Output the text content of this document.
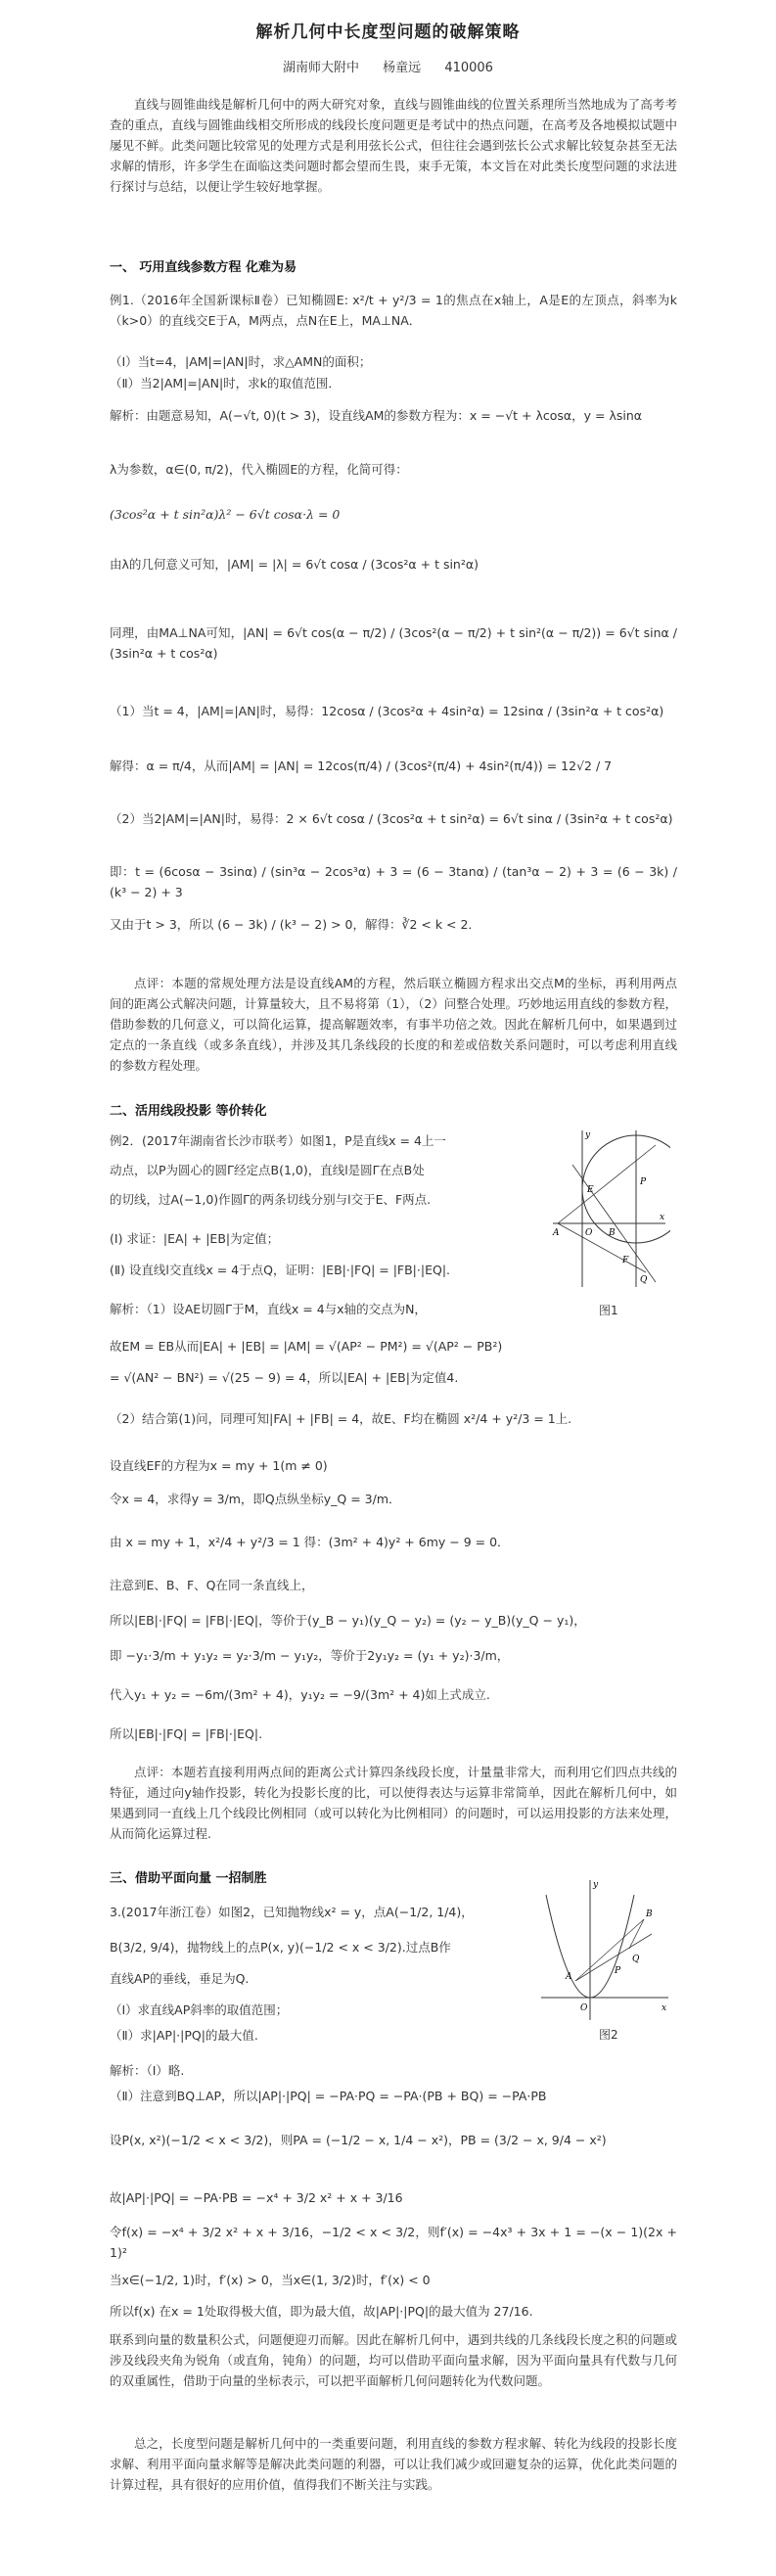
解析几何中长度型问题的破解策略
湖南师大附中 杨童远 410006
直线与圆锥曲线是解析几何中的两大研究对象，直线与圆锥曲线的位置关系理所当然地成为了高考考查的重点，直线与圆锥曲线相交所形成的线段长度问题更是考试中的热点问题，在高考及各地模拟试题中屡见不鲜。此类问题比较常见的处理方式是利用弦长公式，但往往会遇到弦长公式求解比较复杂甚至无法求解的情形，许多学生在面临这类问题时都会望而生畏，束手无策，本文旨在对此类长度型问题的求法进行探讨与总结，以便让学生较好地掌握。
一、 巧用直线参数方程 化难为易
例1.（2016年全国新课标Ⅱ卷）已知椭圆E: x²/t + y²/3 = 1的焦点在x轴上，A是E的左顶点，斜率为k（k>0）的直线交E于A，M两点，点N在E上，MA⊥NA．
（Ⅰ）当t=4，|AM|=|AN|时，求△AMN的面积；
（Ⅱ）当2|AM|=|AN|时，求k的取值范围．
解析：由题意易知，A(−√t, 0)(t > 3)，设直线AM的参数方程为：x = −√t + λcosα，y = λsinα
λ为参数，α∈(0, π/2)，代入椭圆E的方程，化简可得：
(3cos²α + t sin²α)λ² − 6√t cosα·λ = 0
由λ的几何意义可知，|AM| = |λ| = 6√t cosα / (3cos²α + t sin²α)
同理，由MA⊥NA可知，|AN| = 6√t cos(α − π/2) / (3cos²(α − π/2) + t sin²(α − π/2)) = 6√t sinα / (3sin²α + t cos²α)
（1）当t = 4，|AM|=|AN|时，易得：12cosα / (3cos²α + 4sin²α) = 12sinα / (3sin²α + t cos²α)
解得：α = π/4，从而|AM| = |AN| = 12cos(π/4) / (3cos²(π/4) + 4sin²(π/4)) = 12√2 / 7
（2）当2|AM|=|AN|时，易得：2 × 6√t cosα / (3cos²α + t sin²α) = 6√t sinα / (3sin²α + t cos²α)
即：t = (6cosα − 3sinα) / (sin³α − 2cos³α) + 3 = (6 − 3tanα) / (tan³α − 2) + 3 = (6 − 3k) / (k³ − 2) + 3
又由于t > 3，所以 (6 − 3k) / (k³ − 2) > 0，解得：∛2 < k < 2．
点评：本题的常规处理方法是设直线AM的方程，然后联立椭圆方程求出交点M的坐标，再利用两点间的距离公式解决问题，计算量较大，且不易将第（1），（2）问整合处理。巧妙地运用直线的参数方程，借助参数的几何意义，可以简化运算，提高解题效率，有事半功倍之效。因此在解析几何中，如果遇到过定点的一条直线（或多条直线），并涉及其几条线段的长度的和差或倍数关系问题时，可以考虑利用直线的参数方程处理。
二、活用线段投影 等价转化
例2．(2017年湖南省长沙市联考）如图1，P是直线x = 4上一
动点，以P为圆心的圆Γ经定点B(1,0)，直线l是圆Γ在点B处
的切线，过A(−1,0)作圆Γ的两条切线分别与l交于E、F两点.
(Ⅰ) 求证：|EA| + |EB|为定值；
(Ⅱ) 设直线l交直线x = 4于点Q，证明：|EB|·|FQ| = |FB|·|EQ|.
解析：（1）设AE切圆Γ于M，直线x = 4与x轴的交点为N，
P
E
B
O
A
F
Q
y
x
图1
故EM = EB从而|EA| + |EB| = |AM| = √(AP² − PM²) = √(AP² − PB²)
= √(AN² − BN²) = √(25 − 9) = 4，所以|EA| + |EB|为定值4.
（2）结合第(1)问，同理可知|FA| + |FB| = 4，故E、F均在椭圆 x²/4 + y²/3 = 1上.
设直线EF的方程为x = my + 1(m ≠ 0)
令x = 4，求得y = 3/m，即Q点纵坐标y_Q = 3/m．
由 x = my + 1，x²/4 + y²/3 = 1 得：(3m² + 4)y² + 6my − 9 = 0．
注意到E、B、F、Q在同一条直线上，
所以|EB|·|FQ| = |FB|·|EQ|，等价于(y_B − y₁)(y_Q − y₂) = (y₂ − y_B)(y_Q − y₁)，
即 −y₁·3/m + y₁y₂ = y₂·3/m − y₁y₂，等价于2y₁y₂ = (y₁ + y₂)·3/m，
代入y₁ + y₂ = −6m/(3m² + 4)，y₁y₂ = −9/(3m² + 4)如上式成立.
所以|EB|·|FQ| = |FB|·|EQ|.
点评：本题若直接利用两点间的距离公式计算四条线段长度，计量量非常大，而利用它们四点共线的特征，通过向y轴作投影，转化为投影长度的比，可以使得表达与运算非常简单，因此在解析几何中，如果遇到同一直线上几个线段比例相同（或可以转化为比例相同）的问题时，可以运用投影的方法来处理，从而简化运算过程.
三、借助平面向量 一招制胜
3.(2017年浙江卷）如图2，已知抛物线x² = y，点A(−1/2, 1/4)，
B(3/2, 9/4)，抛物线上的点P(x, y)(−1/2 < x < 3/2).过点B作
直线AP的垂线，垂足为Q.
（Ⅰ）求直线AP斜率的取值范围；
（Ⅱ）求|AP|·|PQ|的最大值.
y
B
Q
A
P
O	x
图2
解析：（Ⅰ）略.
（Ⅱ）注意到BQ⊥AP，所以|AP|·|PQ| = −PA·PQ = −PA·(PB + BQ) = −PA·PB
设P(x, x²)(−1/2 < x < 3/2)，则PA = (−1/2 − x, 1/4 − x²)，PB = (3/2 − x, 9/4 − x²)
故|AP|·|PQ| = −PA·PB = −x⁴ + 3/2 x² + x + 3/16
令f(x) = −x⁴ + 3/2 x² + x + 3/16，−1/2 < x < 3/2，则f′(x) = −4x³ + 3x + 1 = −(x − 1)(2x + 1)²
当x∈(−1/2, 1)时，f′(x) > 0，当x∈(1, 3/2)时，f′(x) < 0
所以f(x) 在x = 1处取得极大值，即为最大值，故|AP|·|PQ|的最大值为 27/16.
联系到向量的数量积公式，问题便迎刃而解。因此在解析几何中，遇到共线的几条线段长度之积的问题或涉及线段夹角为锐角（或直角，钝角）的问题，均可以借助平面向量求解，因为平面向量具有代数与几何的双重属性，借助于向量的坐标表示，可以把平面解析几何问题转化为代数问题。
总之，长度型问题是解析几何中的一类重要问题，利用直线的参数方程求解、转化为线段的投影长度求解、利用平面向量求解等是解决此类问题的利器，可以让我们减少或回避复杂的运算，优化此类问题的计算过程，具有很好的应用价值，值得我们不断关注与实践。
